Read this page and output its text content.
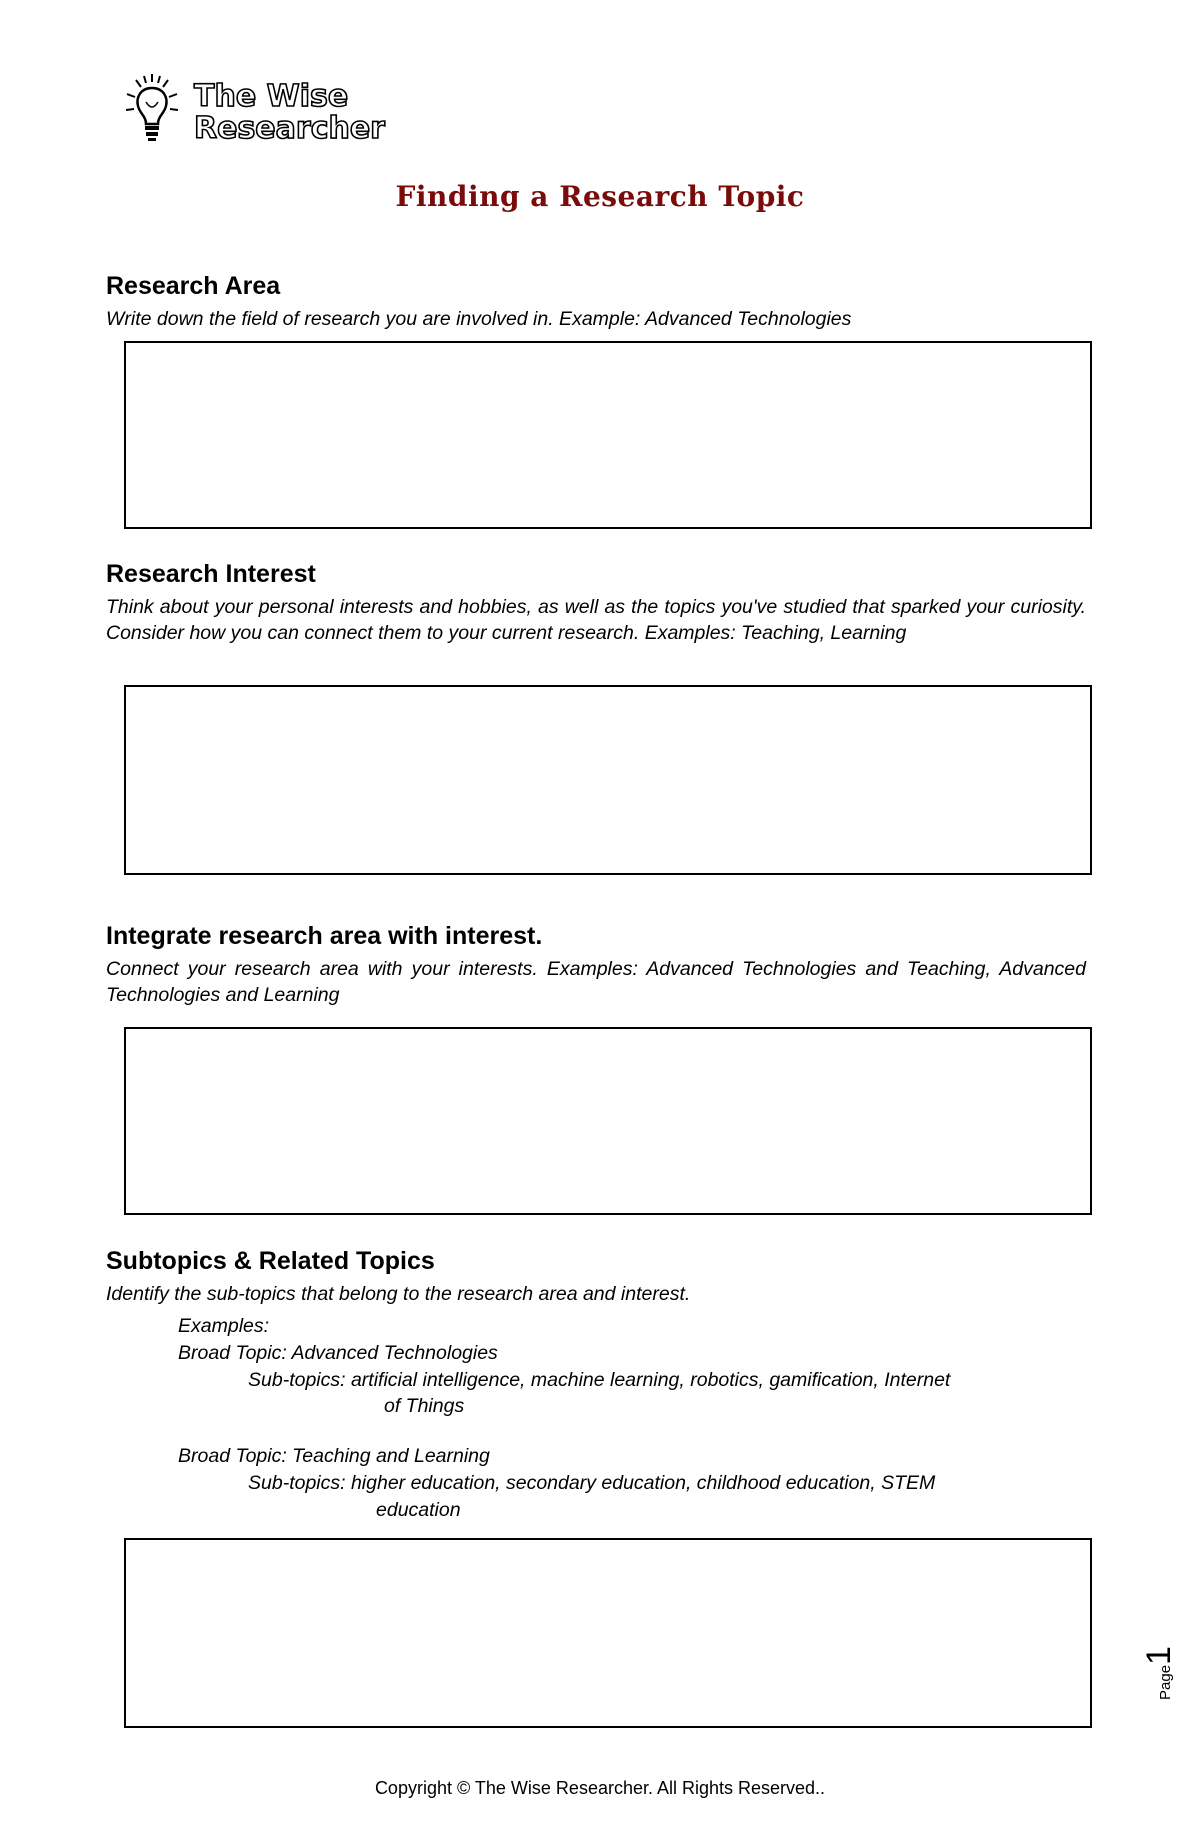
The Wise
Researcher
Finding a Research Topic
Research Area

Write down the field of research you are involved in. Example: Advanced Technologies

Research Interest

Think about your personal interests and hobbies, as well as the topics you've studied that sparked your curiosity. Consider how you can connect them to your current research. Examples: Teaching, Learning

Integrate research area with interest.

Connect your research area with your interests. Examples: Advanced Technologies and Teaching, Advanced Technologies and Learning

Subtopics & Related Topics

Identify the sub-topics that belong to the research area and interest.

Examples:

Broad Topic: Advanced Technologies

Sub-topics: artificial intelligence, machine learning, robotics, gamification, Internet

of Things

Broad Topic: Teaching and Learning

Sub-topics: higher education, secondary education, childhood education, STEM

education

Page1
Copyright © The Wise Researcher. All Rights Reserved..
